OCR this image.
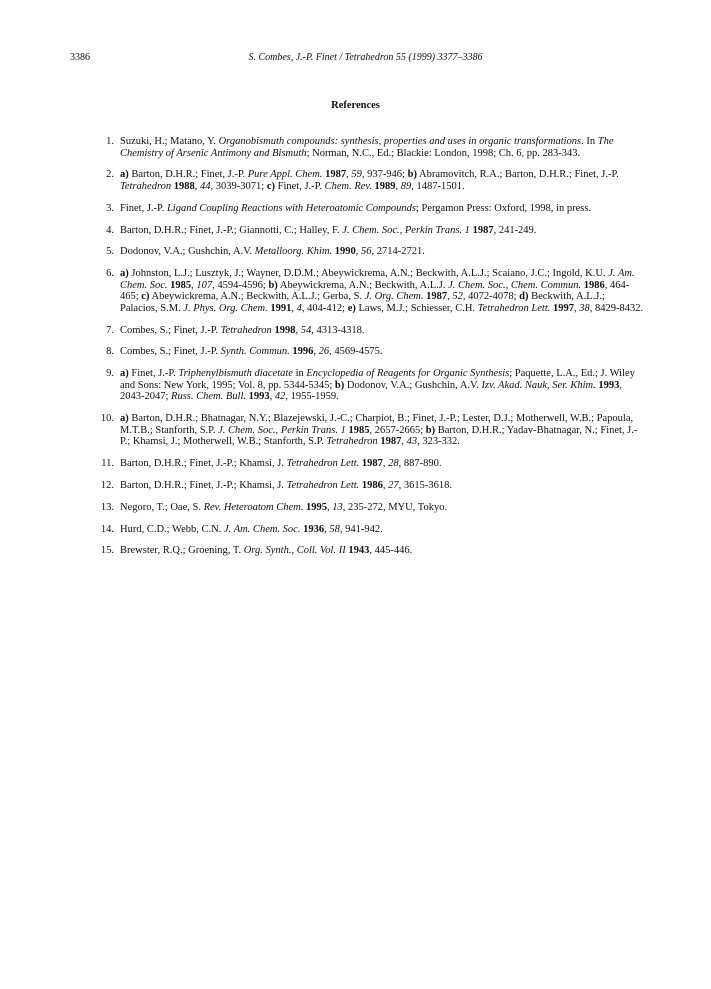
3386	S. Combes, J.-P. Finet / Tetrahedron 55 (1999) 3377–3386
References
1 . Suzuki, H.; Matano, Y. Organobismuth compounds: synthesis, properties and uses in organic transformations. In The Chemistry of Arsenic Antimony and Bismuth; Norman, N.C., Ed.; Blackie: London, 1998; Ch. 6, pp. 283-343.
2 . a) Barton, D.H.R.; Finet, J.-P. Pure Appl. Chem. 1987, 59, 937-946; b) Abramovitch, R.A.; Barton, D.H.R.; Finet, J.-P. Tetrahedron 1988, 44, 3039-3071; c) Finet, J.-P. Chem. Rev. 1989, 89, 1487-1501.
3 . Finet, J.-P. Ligand Coupling Reactions with Heteroatomic Compounds; Pergamon Press: Oxford, 1998, in press.
4 . Barton, D.H.R.; Finet, J.-P.; Giannotti, C.; Halley, F. J. Chem. Soc., Perkin Trans. 1 1987, 241-249.
5 . Dodonov, V.A.; Gushchin, A.V. Metalloorg. Khim. 1990, 56, 2714-2721.
6 . a) Johnston, L.J.; Lusztyk, J.; Wayner, D.D.M.; Abeywickrema, A.N.; Beckwith, A.L.J.; Scaiano, J.C.; Ingold, K.U. J. Am. Chem. Soc. 1985, 107, 4594-4596; b) Abeywickrema, A.N.; Beckwith, A.L.J. J. Chem. Soc., Chem. Commun. 1986, 464-465; c) Abeywickrema, A.N.; Beckwith, A.L.J.; Gerba, S. J. Org. Chem. 1987, 52, 4072-4078; d) Beckwith, A.L.J.; Palacios, S.M. J. Phys. Org. Chem. 1991, 4, 404-412; e) Laws, M.J.; Schiesser, C.H. Tetrahedron Lett. 1997, 38, 8429-8432.
7 . Combes, S.; Finet, J.-P. Tetrahedron 1998, 54, 4313-4318.
8 . Combes, S.; Finet, J.-P. Synth. Commun. 1996, 26, 4569-4575.
9 . a) Finet, J.-P. Triphenylbismuth diacetate in Encyclopedia of Reagents for Organic Synthesis; Paquette, L.A., Ed.; J. Wiley and Sons: New York, 1995; Vol. 8, pp. 5344-5345; b) Dodonov, V.A.; Gushchin, A.V. Izv. Akad. Nauk, Ser. Khim. 1993, 2043-2047; Russ. Chem. Bull. 1993, 42, 1955-1959.
10 . a) Barton, D.H.R.; Bhatnagar, N.Y.; Blazejewski, J.-C.; Charpiot, B.; Finet, J.-P.; Lester, D.J.; Motherwell, W.B.; Papoula, M.T.B.; Stanforth, S.P. J. Chem. Soc., Perkin Trans. 1 1985, 2657-2665; b) Barton, D.H.R.; Yadav-Bhatnagar, N.; Finet, J.-P.; Khamsi, J.; Motherwell, W.B.; Stanforth, S.P. Tetrahedron 1987, 43, 323-332.
11 . Barton, D.H.R.; Finet, J.-P.; Khamsi, J. Tetrahedron Lett. 1987, 28, 887-890.
12 . Barton, D.H.R.; Finet, J.-P.; Khamsi, J. Tetrahedron Lett. 1986, 27, 3615-3618.
13 . Negoro, T.; Oae, S. Rev. Heteroatom Chem. 1995, 13, 235-272, MYU, Tokyo.
14 . Hurd, C.D.; Webb, C.N. J. Am. Chem. Soc. 1936, 58, 941-942.
15 . Brewster, R.Q.; Groening, T. Org. Synth., Coll. Vol. II 1943, 445-446.
